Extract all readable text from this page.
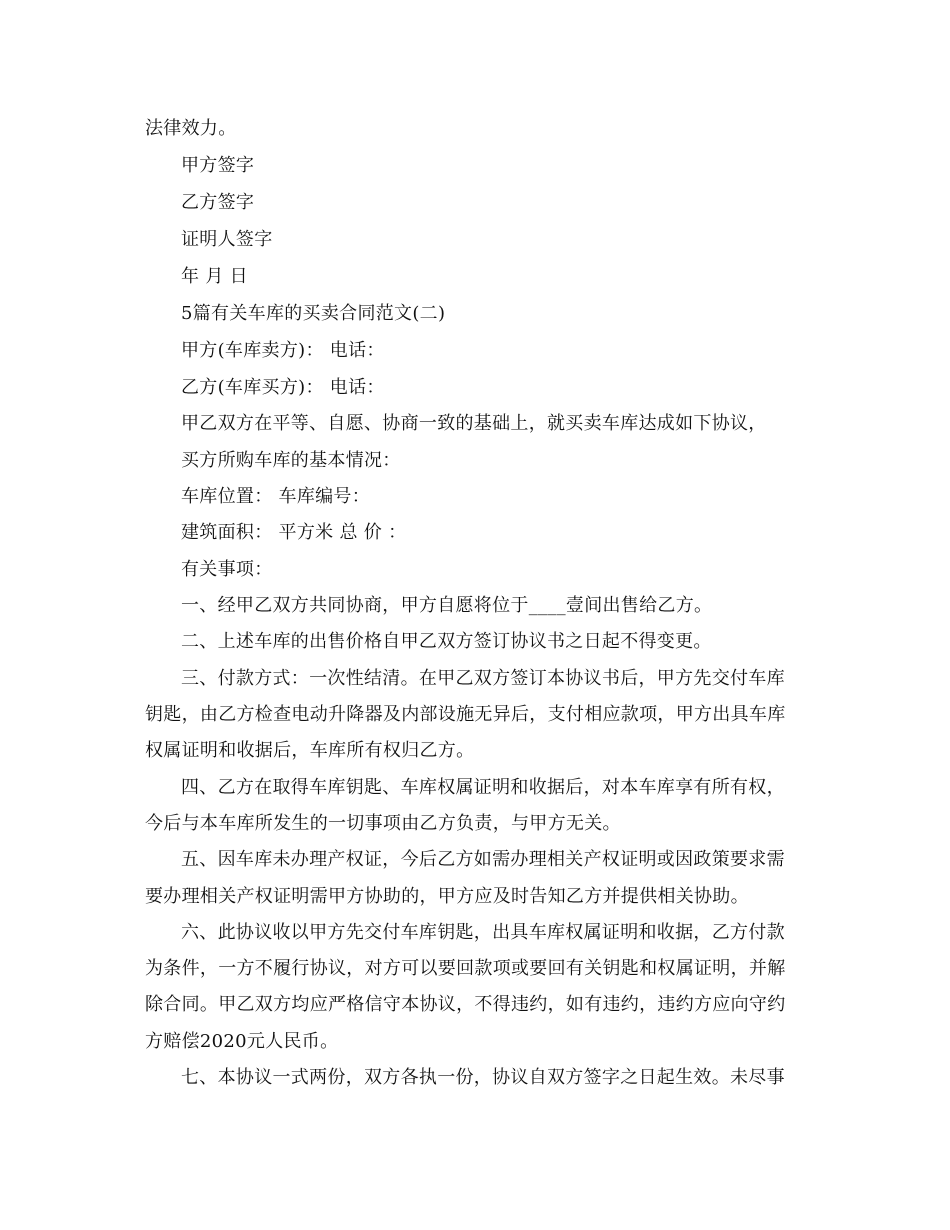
法律效力。
甲方签字
乙方签字
证明人签字
年 月 日
5篇有关车库的买卖合同范文(二)
甲方(车库卖方)： 电话：
乙方(车库买方)： 电话：
甲乙双方在平等、自愿、协商一致的基础上，就买卖车库达成如下协议，
买方所购车库的基本情况：
车库位置： 车库编号：
建筑面积： 平方米 总 价 ：
有关事项：
一、经甲乙双方共同协商，甲方自愿将位于____壹间出售给乙方。
二、上述车库的出售价格自甲乙双方签订协议书之日起不得变更。
三、付款方式：一次性结清。在甲乙双方签订本协议书后，甲方先交付车库
钥匙，由乙方检查电动升降器及内部设施无异后，支付相应款项，甲方出具车库
权属证明和收据后，车库所有权归乙方。
四、乙方在取得车库钥匙、车库权属证明和收据后，对本车库享有所有权，
今后与本车库所发生的一切事项由乙方负责，与甲方无关。
五、因车库未办理产权证，今后乙方如需办理相关产权证明或因政策要求需
要办理相关产权证明需甲方协助的，甲方应及时告知乙方并提供相关协助。
六、此协议收以甲方先交付车库钥匙，出具车库权属证明和收据，乙方付款
为条件，一方不履行协议，对方可以要回款项或要回有关钥匙和权属证明，并解
除合同。甲乙双方均应严格信守本协议，不得违约，如有违约，违约方应向守约
方赔偿2020元人民币。
七、本协议一式两份，双方各执一份，协议自双方签字之日起生效。未尽事
